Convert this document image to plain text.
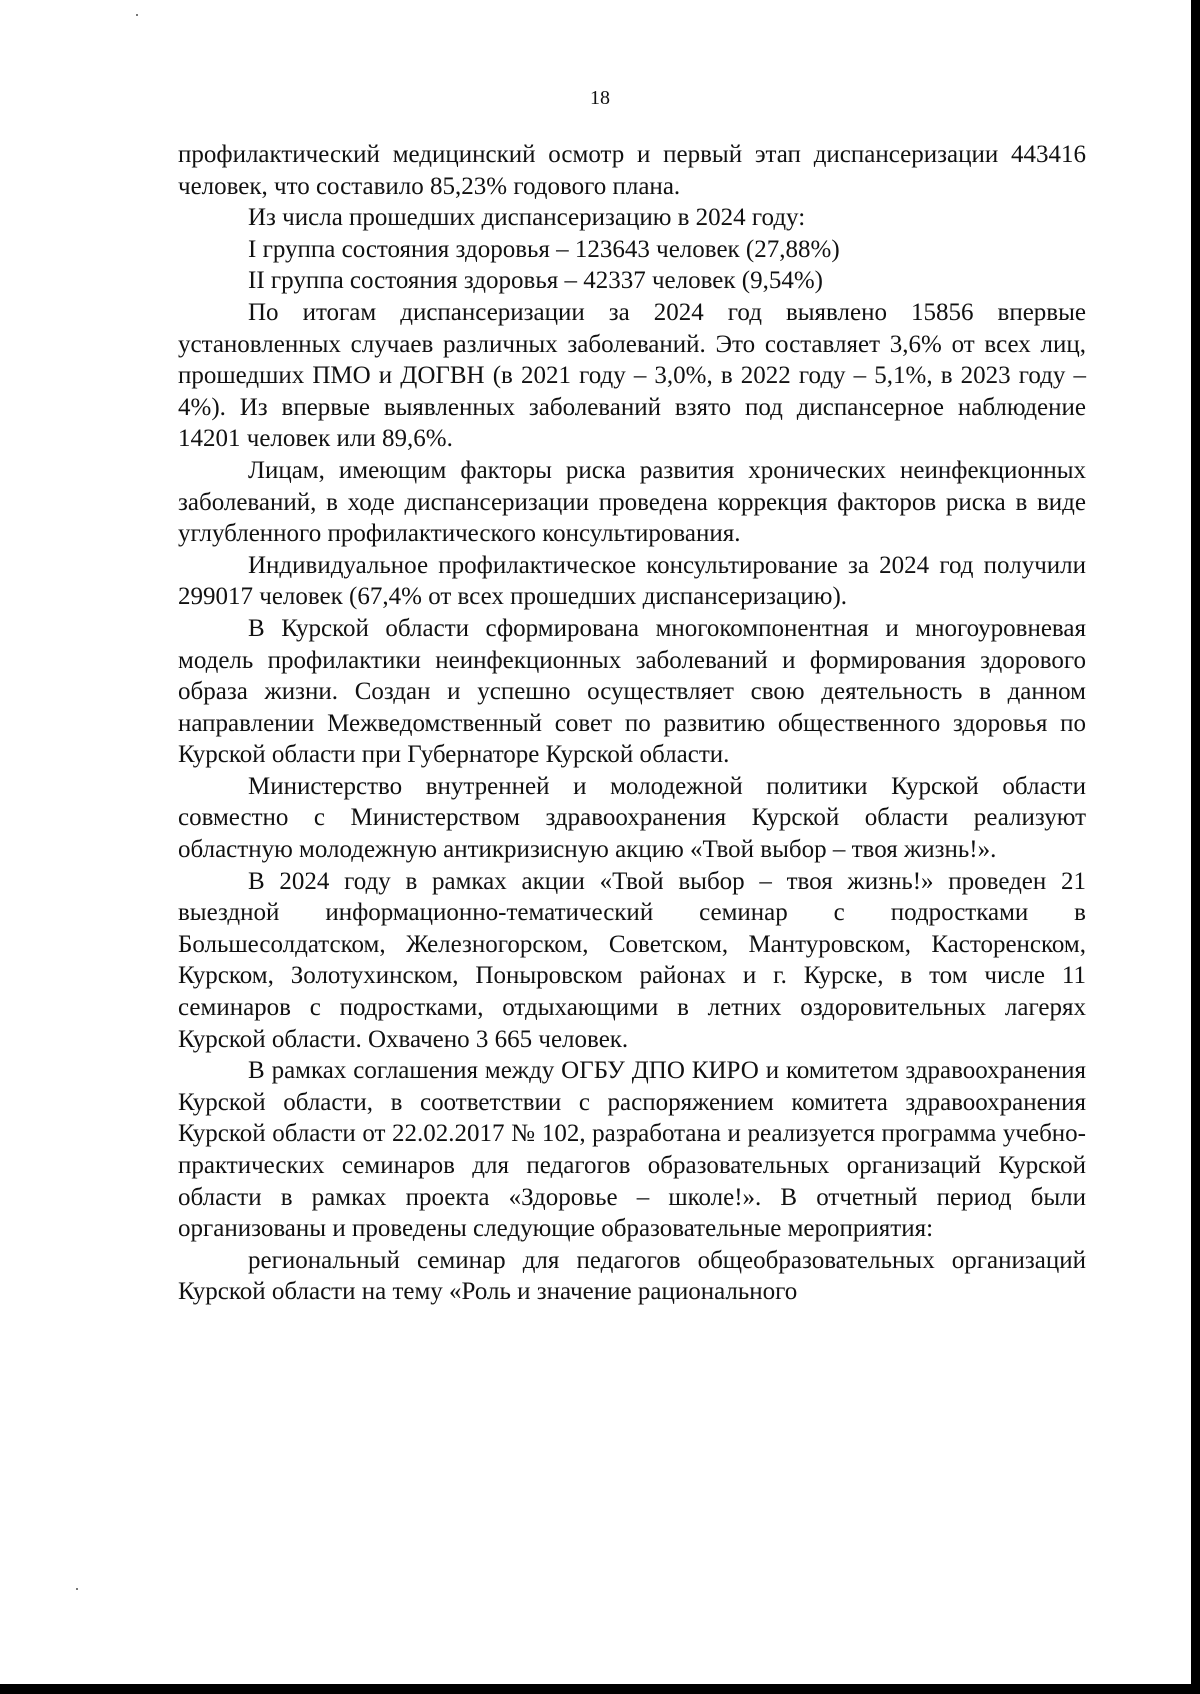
18

профилактический медицинский осмотр и первый этап диспансеризации 443416 человек, что составило 85,23% годового плана.

Из числа прошедших диспансеризацию в 2024 году:

I группа состояния здоровья – 123643 человек (27,88%)

II группа состояния здоровья – 42337 человек (9,54%)

По итогам диспансеризации за 2024 год выявлено 15856 впервые установленных случаев различных заболеваний. Это составляет 3,6% от всех лиц, прошедших ПМО и ДОГВН (в 2021 году – 3,0%, в 2022 году – 5,1%, в 2023 году – 4%). Из впервые выявленных заболеваний взято под диспансерное наблюдение 14201 человек или 89,6%.

Лицам, имеющим факторы риска развития хронических неинфекционных заболеваний, в ходе диспансеризации проведена коррекция факторов риска в виде углубленного профилактического консультирования.

Индивидуальное профилактическое консультирование за 2024 год получили 299017 человек (67,4% от всех прошедших диспансеризацию).

В Курской области сформирована многокомпонентная и многоуровневая модель профилактики неинфекционных заболеваний и формирования здорового образа жизни. Создан и успешно осуществляет свою деятельность в данном направлении Межведомственный совет по развитию общественного здоровья по Курской области при Губернаторе Курской области.

Министерство внутренней и молодежной политики Курской области совместно с Министерством здравоохранения Курской области реализуют областную молодежную антикризисную акцию «Твой выбор – твоя жизнь!».

В 2024 году в рамках акции «Твой выбор – твоя жизнь!» проведен 21 выездной информационно-тематический семинар с подростками в Большесолдатском, Железногорском, Советском, Мантуровском, Касторенском, Курском, Золотухинском, Поныровском районах и г. Курске, в том числе 11 семинаров с подростками, отдыхающими в летних оздоровительных лагерях Курской области. Охвачено 3 665 человек.

В рамках соглашения между ОГБУ ДПО КИРО и комитетом здравоохранения Курской области, в соответствии с распоряжением комитета здравоохранения Курской области от 22.02.2017 № 102, разработана и реализуется программа учебно-практических семинаров для педагогов образовательных организаций Курской области в рамках проекта «Здоровье – школе!». В отчетный период были организованы и проведены следующие образовательные мероприятия:

региональный семинар для педагогов общеобразовательных организаций Курской области на тему «Роль и значение рационального
